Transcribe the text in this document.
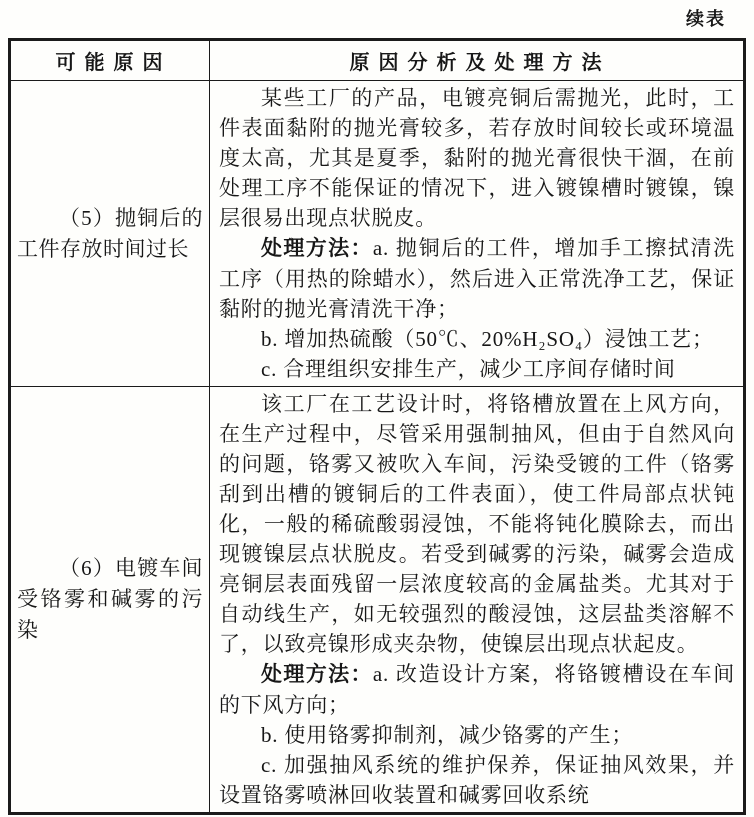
续表
可 能 原 因	原 因 分 析 及 处 理 方 法

（5）抛铜后的工件存放时间过长	某些工厂的产品，电镀亮铜后需抛光，此时，工件表面黏附的抛光膏较多，若存放时间较长或环境温度太高，尤其是夏季，黏附的抛光膏很快干涸，在前处理工序不能保证的情况下，进入镀镍槽时镀镍，镍层很易出现点状脱皮。

处理方法：a. 抛铜后的工件，增加手工擦拭清洗工序（用热的除蜡水），然后进入正常洗净工艺，保证黏附的抛光膏清洗干净；

b. 增加热硫酸（50℃、20%H₂SO₄）浸蚀工艺；

c. 合理组织安排生产，减少工序间存储时间

（6）电镀车间受铬雾和碱雾的污染	该工厂在工艺设计时，将铬槽放置在上风方向，在生产过程中，尽管采用强制抽风，但由于自然风向的问题，铬雾又被吹入车间，污染受镀的工件（铬雾刮到出槽的镀铜后的工件表面），使工件局部点状钝化，一般的稀硫酸弱浸蚀，不能将钝化膜除去，而出现镀镍层点状脱皮。若受到碱雾的污染，碱雾会造成亮铜层表面残留一层浓度较高的金属盐类。尤其对于自动线生产，如无较强烈的酸浸蚀，这层盐类溶解不了，以致亮镍形成夹杂物，使镍层出现点状起皮。

处理方法：a. 改造设计方案，将铬镀槽设在车间的下风方向；

b. 使用铬雾抑制剂，减少铬雾的产生；

c. 加强抽风系统的维护保养，保证抽风效果，并设置铬雾喷淋回收装置和碱雾回收系统
